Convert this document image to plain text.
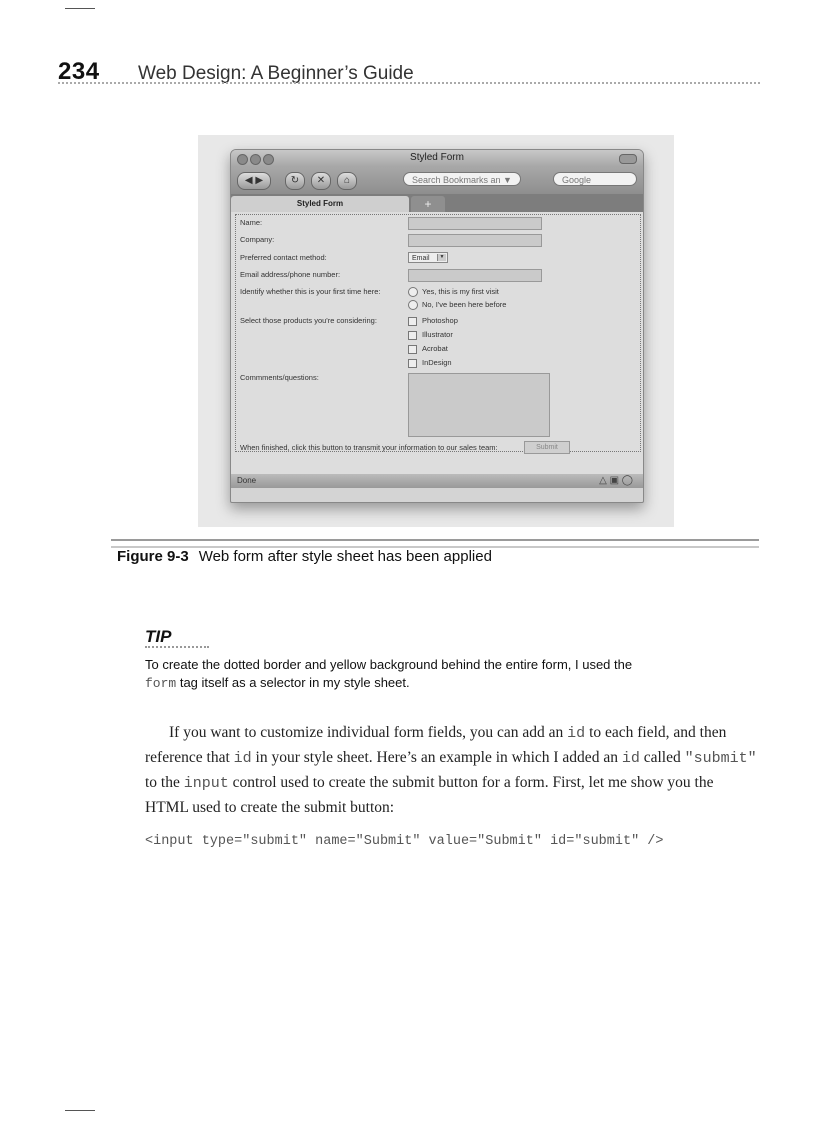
234 Web Design: A Beginner’s Guide
Styled Form
◀ ▶	↻	✕	⌂	Search Bookmarks an ▼	Google
Styled Form	+
Name:
Company:
Preferred contact method:	Email	▼
Email address/phone number:
Identify whether this is your first time here:	Yes, this is my first visit
No, I've been here before
Select those products you're considering:	Photoshop
Illustrator
Acrobat
InDesign
Commments/questions:
When finished, click this button to transmit your information to our sales team:	Submit
Done	△ ▣ ◯
Figure 9-3 Web form after style sheet has been applied
TIP
To create the dotted border and yellow background behind the entire form, I used the
form tag itself as a selector in my style sheet.
If you want to customize individual form fields, you can add an id to each field, and then reference that id in your style sheet. Here’s an example in which I added an id called "submit" to the input control used to create the submit button for a form. First, let me show you the HTML used to create the submit button:
<input type="submit" name="Submit" value="Submit" id="submit" />
